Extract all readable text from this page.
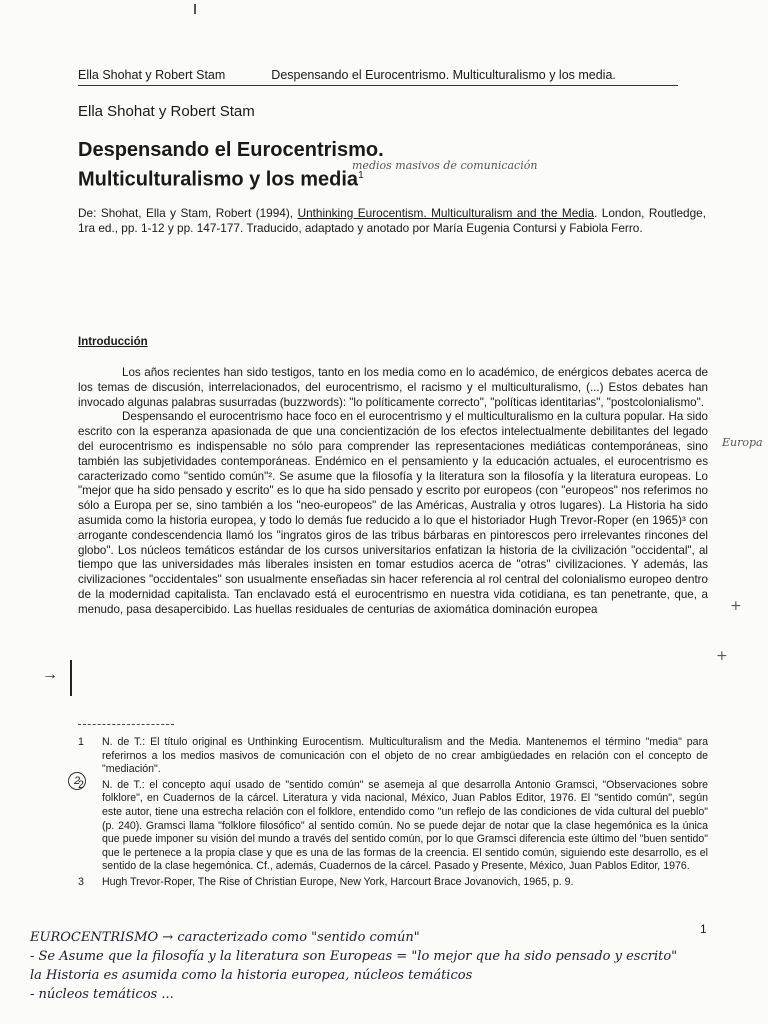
Ella Shohat y Robert Stam	Despensando el Eurocentrismo. Multiculturalismo y los media.
Ella Shohat y Robert Stam
Despensando el Eurocentrismo.
Multiculturalismo y los media$^1$
medios masivos de comunicación
De: Shohat, Ella y Stam, Robert (1994), Unthinking Eurocentism. Multiculturalism and the Media. London, Routledge, 1ra ed., pp. 1-12 y pp. 147-177. Traducido, adaptado y anotado por María Eugenia Contursi y Fabiola Ferro.
Introducción

Los años recientes han sido testigos, tanto en los media como en lo académico, de enérgicos debates acerca de los temas de discusión, interrelacionados, del eurocentrismo, el racismo y el multiculturalismo, (...) Estos debates han invocado algunas palabras susurradas (buzzwords): "lo políticamente correcto", "políticas identitarias", "postcolonialismo".

Despensando el eurocentrismo hace foco en el eurocentrismo y el multiculturalismo en la cultura popular. Ha sido escrito con la esperanza apasionada de que una concientización de los efectos intelectualmente debilitantes del legado del eurocentrismo es indispensable no sólo para comprender las representaciones mediáticas contemporáneas, sino también las subjetividades contemporáneas. Endémico en el pensamiento y la educación actuales, el eurocentrismo es caracterizado como "sentido común"². Se asume que la filosofía y la literatura son la filosofía y la literatura europeas. Lo "mejor que ha sido pensado y escrito" es lo que ha sido pensado y escrito por europeos (con "europeos" nos referimos no sólo a Europa per se, sino también a los "neo-europeos" de las Américas, Australia y otros lugares). La Historia ha sido asumida como la historia europea, y todo lo demás fue reducido a lo que el historiador Hugh Trevor-Roper (en 1965)³ con arrogante condescendencia llamó los "ingratos giros de las tribus bárbaras en pintorescos pero irrelevantes rincones del globo". Los núcleos temáticos estándar de los cursos universitarios enfatizan la historia de la civilización "occidental", al tiempo que las universidades más liberales insisten en tomar estudios acerca de "otras" civilizaciones. Y además, las civilizaciones "occidentales" son usualmente enseñadas sin hacer referencia al rol central del colonialismo europeo dentro de la modernidad capitalista. Tan enclavado está el eurocentrismo en nuestra vida cotidiana, es tan penetrante, que, a menudo, pasa desapercibido. Las huellas residuales de centurias de axiomática dominación europea

→
Europa
+
+
1	N. de T.: El título original es Unthinking Eurocentism. Multiculturalism and the Media. Mantenemos el término "media" para referirnos a los medios masivos de comunicación con el objeto de no crear ambigüedades en relación con el concepto de "mediación".
2	N. de T.: el concepto aquí usado de "sentido común" se asemeja al que desarrolla Antonio Gramsci, "Observaciones sobre folklore", en Cuadernos de la cárcel. Literatura y vida nacional, México, Juan Pablos Editor, 1976. El "sentido común", según este autor, tiene una estrecha relación con el folklore, entendido como "un reflejo de las condiciones de vida cultural del pueblo" (p. 240). Gramsci llama "folklore filosófico" al sentido común. No se puede dejar de notar que la clase hegemónica es la única que puede imponer su visión del mundo a través del sentido común, por lo que Gramsci diferencia este último del "buen sentido" que le pertenece a la propia clase y que es una de las formas de la creencia. El sentido común, siguiendo este desarrollo, es el sentido de la clase hegemónica. Cf., además, Cuadernos de la cárcel. Pasado y Presente, México, Juan Pablos Editor, 1976.
3	Hugh Trevor-Roper, The Rise of Christian Europe, New York, Harcourt Brace Jovanovich, 1965, p. 9.
2
1
EUROCENTRISMO → caracterizado como "sentido común"
- Se Asume que la filosofía y la literatura son Europeas = "lo mejor que ha sido pensado y escrito"
la Historia es asumida como la historia europea, núcleos temáticos
- núcleos temáticos ...
